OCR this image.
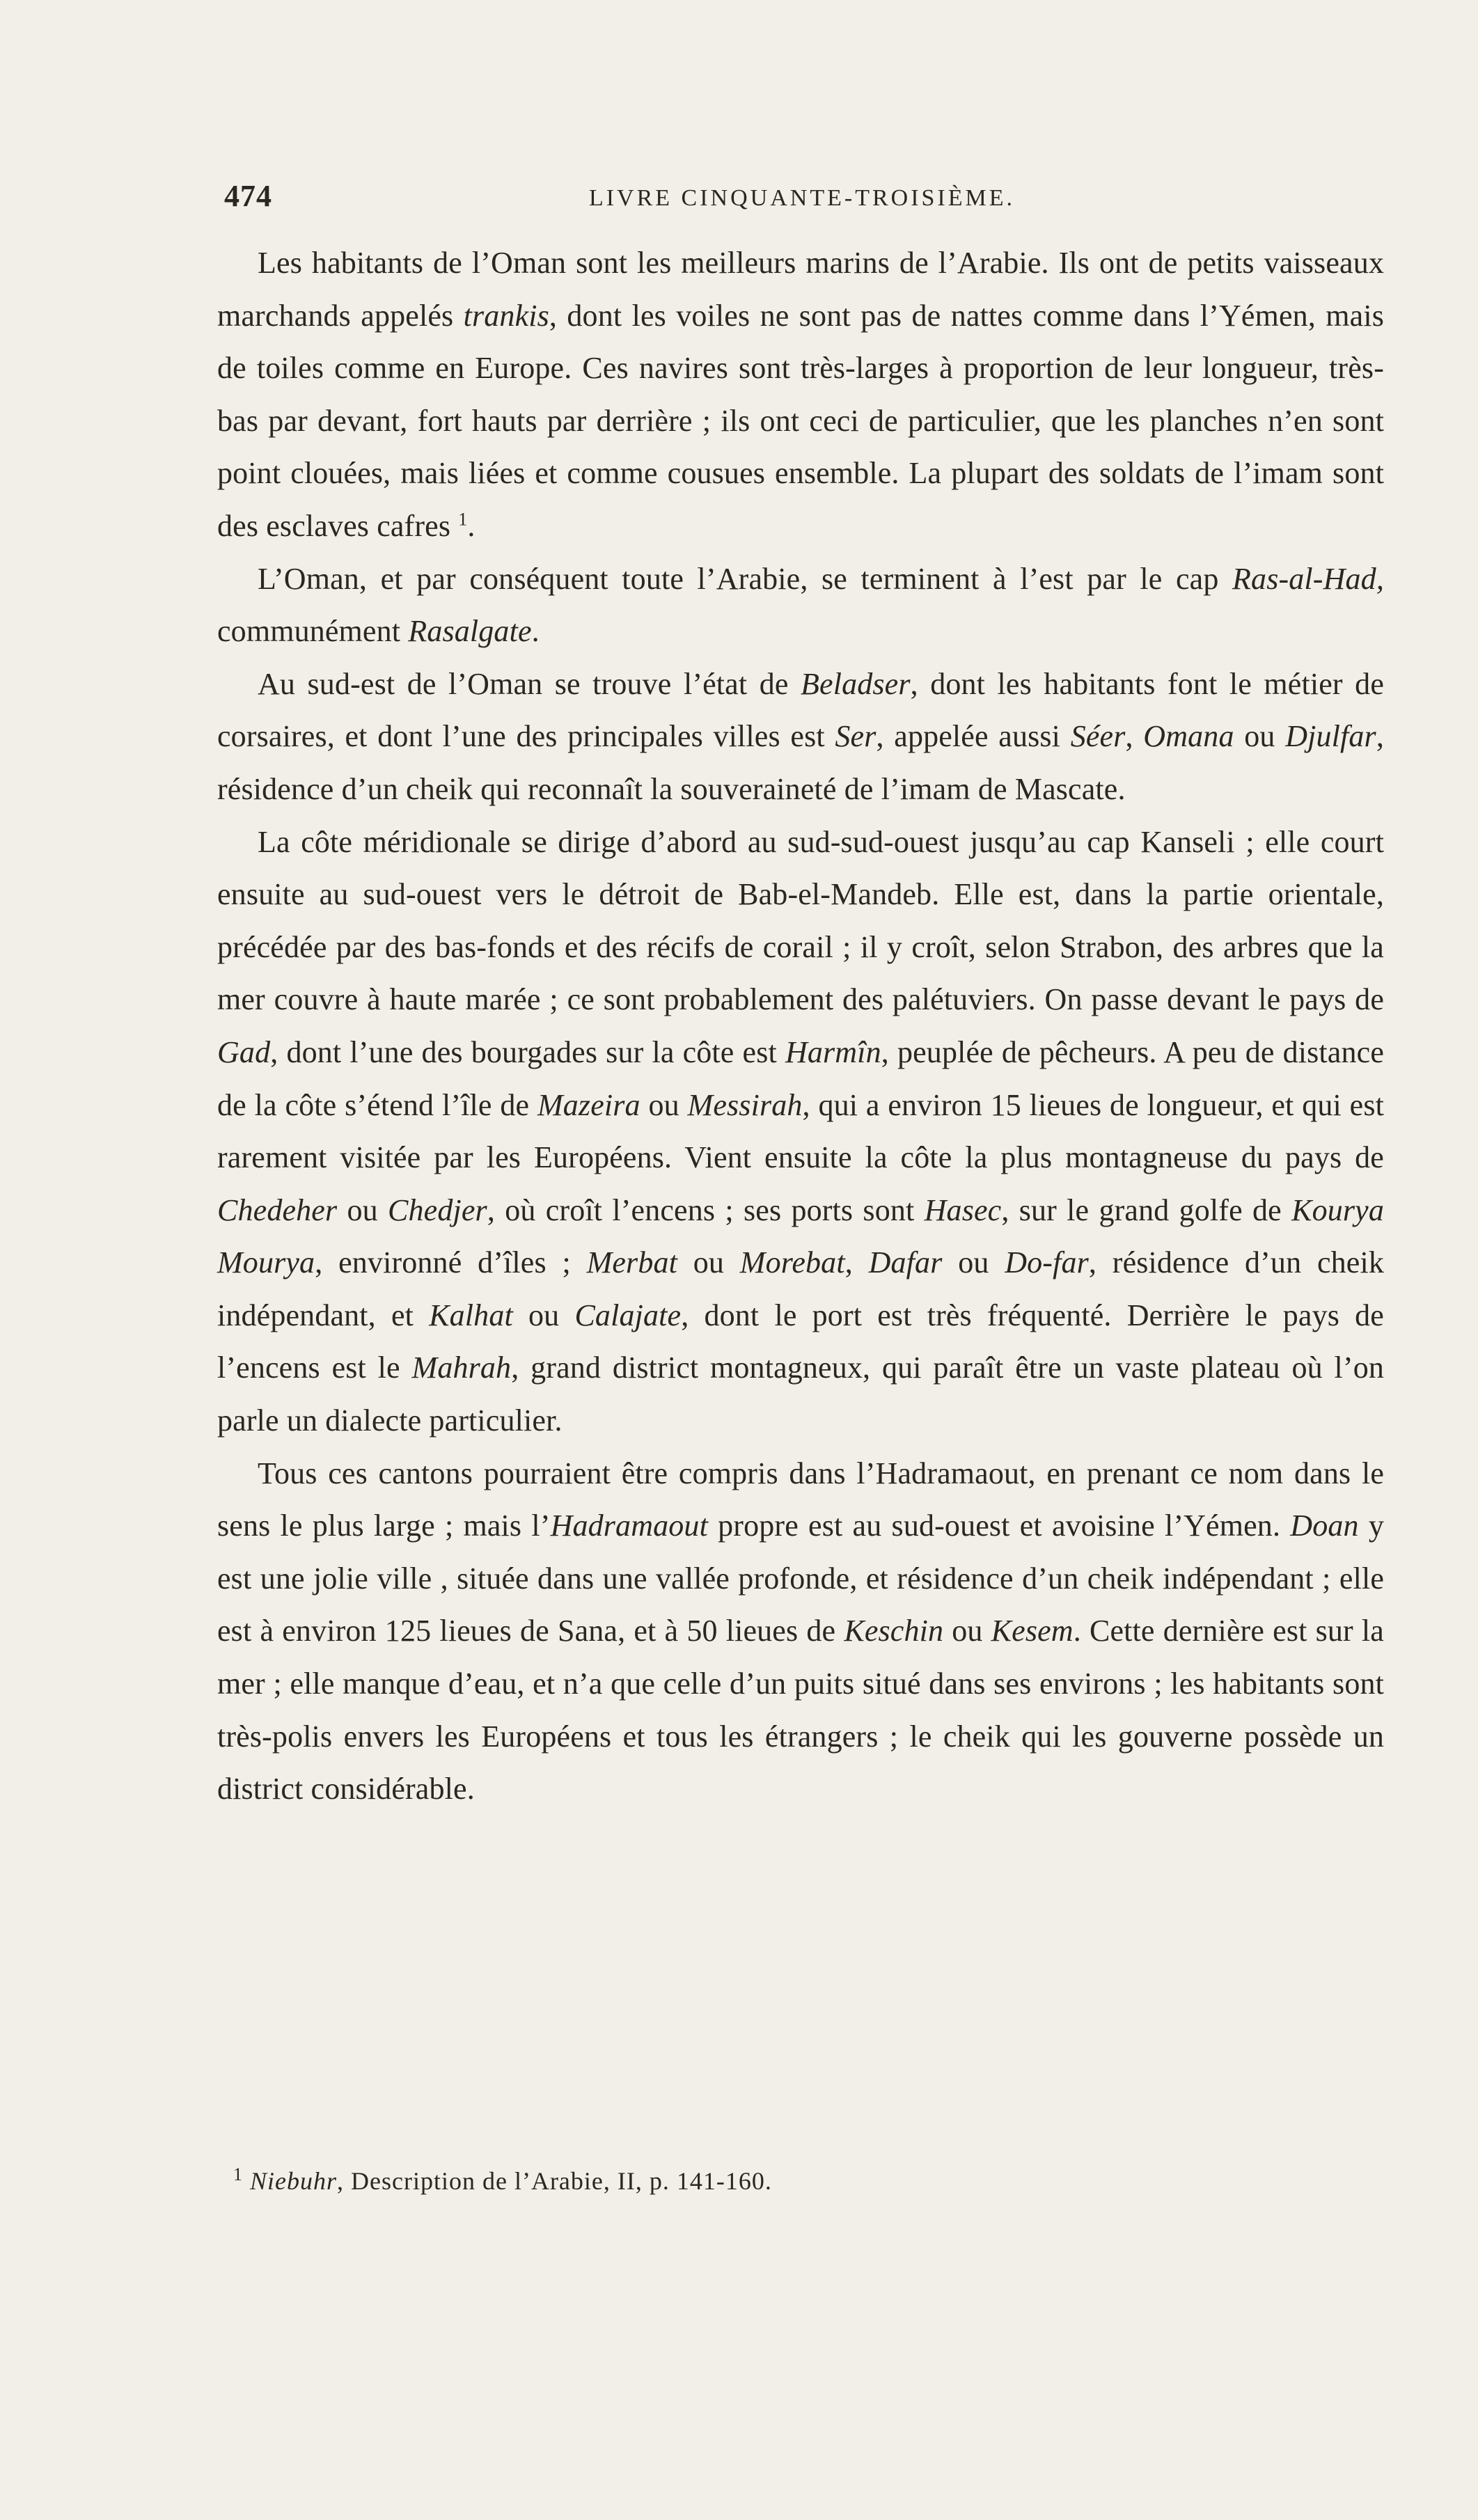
474	LIVRE CINQUANTE-TROISIÈME.

Les habitants de l’Oman sont les meilleurs marins de l’Arabie. Ils ont de petits vaisseaux marchands appelés trankis, dont les voiles ne sont pas de nattes comme dans l’Yémen, mais de toiles comme en Europe. Ces navires sont très-larges à proportion de leur longueur, très-bas par devant, fort hauts par derrière ; ils ont ceci de particulier, que les planches n’en sont point clouées, mais liées et comme cousues ensemble. La plupart des soldats de l’imam sont des esclaves cafres $^1$.

L’Oman, et par conséquent toute l’Arabie, se terminent à l’est par le cap Ras-al-Had, communément Rasalgate.

Au sud-est de l’Oman se trouve l’état de Beladser, dont les habitants font le métier de corsaires, et dont l’une des principales villes est Ser, appelée aussi Séer, Omana ou Djulfar, résidence d’un cheik qui reconnaît la souveraineté de l’imam de Mascate.

La côte méridionale se dirige d’abord au sud-sud-ouest jusqu’au cap Kanseli ; elle court ensuite au sud-ouest vers le détroit de Bab-el-Mandeb. Elle est, dans la partie orientale, précédée par des bas-fonds et des récifs de corail ; il y croît, selon Strabon, des arbres que la mer couvre à haute marée ; ce sont probablement des palétuviers. On passe devant le pays de Gad, dont l’une des bourgades sur la côte est Harmîn, peuplée de pêcheurs. A peu de distance de la côte s’étend l’île de Mazeira ou Messirah, qui a environ 15 lieues de longueur, et qui est rarement visitée par les Européens. Vient ensuite la côte la plus montagneuse du pays de Chedeher ou Chedjer, où croît l’encens ; ses ports sont Hasec, sur le grand golfe de Kourya Mourya, environné d’îles ; Merbat ou Morebat, Dafar ou Do-far, résidence d’un cheik indépendant, et Kalhat ou Calajate, dont le port est très fréquenté. Derrière le pays de l’encens est le Mahrah, grand district montagneux, qui paraît être un vaste plateau où l’on parle un dialecte particulier.

Tous ces cantons pourraient être compris dans l’Hadramaout, en prenant ce nom dans le sens le plus large ; mais l’Hadramaout propre est au sud-ouest et avoisine l’Yémen. Doan y est une jolie ville , située dans une vallée profonde, et résidence d’un cheik indépendant ; elle est à environ 125 lieues de Sana, et à 50 lieues de Keschin ou Kesem. Cette dernière est sur la mer ; elle manque d’eau, et n’a que celle d’un puits situé dans ses environs ; les habitants sont très-polis envers les Européens et tous les étrangers ; le cheik qui les gouverne possède un district considérable.

$^1$ Niebuhr, Description de l’Arabie, II, p. 141-160.
